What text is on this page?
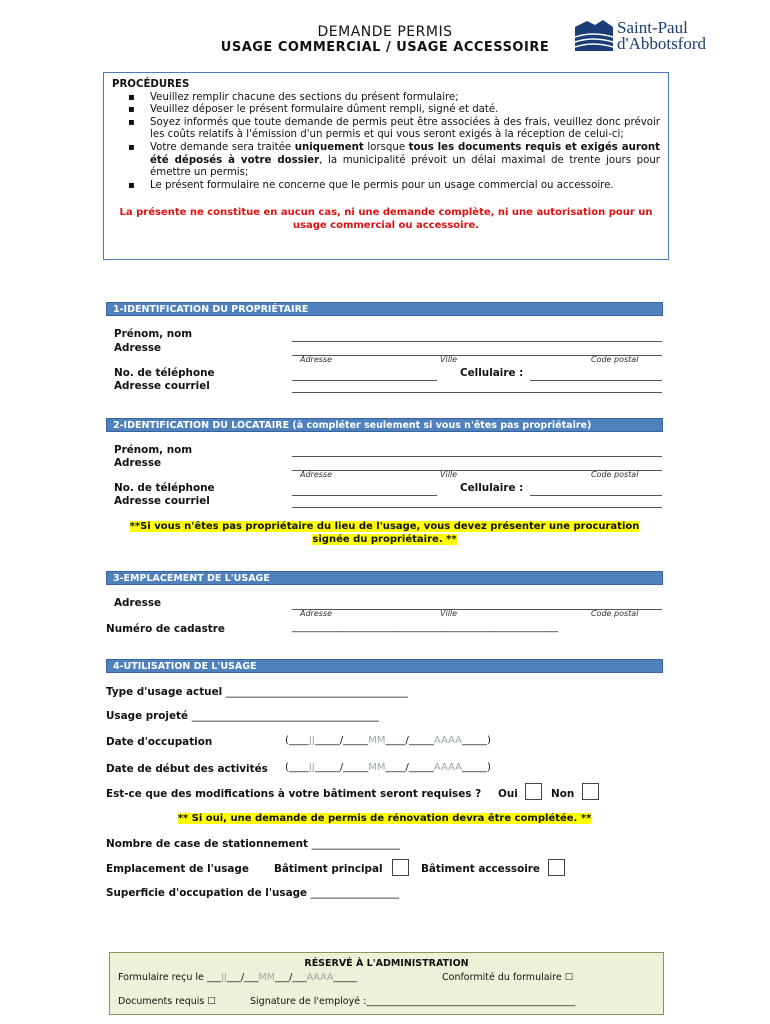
DEMANDE PERMIS
USAGE COMMERCIAL / USAGE ACCESSOIRE
Saint-Paul
d'Abbotsford
PROCÉDURES
▪ Veuillez remplir chacune des sections du présent formulaire;
▪ Veuillez déposer le présent formulaire dûment rempli, signé et daté.
▪ Soyez informés que toute demande de permis peut être associées à des frais, veuillez donc prévoir les coûts relatifs à l'émission d'un permis et qui vous seront exigés à la réception de celui-ci;
▪ Votre demande sera traitée uniquement lorsque tous les documents requis et exigés auront été déposés à votre dossier, la municipalité prévoit un délai maximal de trente jours pour émettre un permis;
▪ Le présent formulaire ne concerne que le permis pour un usage commercial ou accessoire.
La présente ne constitue en aucun cas, ni une demande complète, ni une autorisation pour un usage commercial ou accessoire.
1-IDENTIFICATION DU PROPRIÉTAIRE
Prénom, nom
Adresse
Adresse	Ville	Code postal
No. de téléphone	Cellulaire :
Adresse courriel
2-IDENTIFICATION DU LOCATAIRE (à compléter seulement si vous n'êtes pas propriétaire)
Prénom, nom
Adresse
Adresse	Ville	Code postal
No. de téléphone	Cellulaire :
Adresse courriel
**Si vous n'êtes pas propriétaire du lieu de l'usage, vous devez présenter une procuration
signée du propriétaire. **
3-EMPLACEMENT DE L'USAGE
Adresse
Adresse	Ville	Code postal
Numéro de cadastre	________________________________________________________
4-UTILISATION DE L'USAGE
Type d'usage actuel ___________________________________
Usage projeté ____________________________________
Date d'occupation	(____JJ_____/_____MM____/_____AAAA_____)
Date de début des activités (____JJ_____/_____MM____/_____AAAA_____)
Est-ce que des modifications à votre bâtiment seront requises ? Oui	Non
** Si oui, une demande de permis de rénovation devra être complétée. **
Nombre de case de stationnement _________________
Emplacement de l'usage Bâtiment principal	Bâtiment accessoire
Superficie d'occupation de l'usage _________________
RÉSERVÉ À L'ADMINISTRATION
Formulaire reçu le ___JJ___/___MM___/___AAAA_____	Conformité du formulaire ☐
Documents requis ☐	Signature de l'employé :____________________________________________
